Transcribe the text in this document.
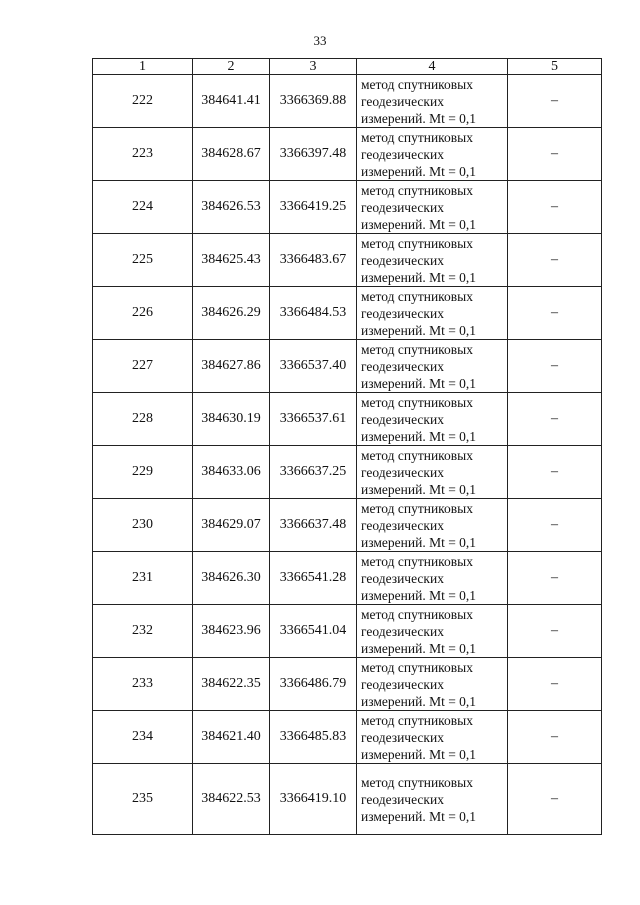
33
1	2	3	4	5
222	384641.41	3366369.88	метод спутниковых
геодезических
измерений. Mt = 0,1	–
223	384628.67	3366397.48	метод спутниковых
геодезических
измерений. Mt = 0,1	–
224	384626.53	3366419.25	метод спутниковых
геодезических
измерений. Mt = 0,1	–
225	384625.43	3366483.67	метод спутниковых
геодезических
измерений. Mt = 0,1	–
226	384626.29	3366484.53	метод спутниковых
геодезических
измерений. Mt = 0,1	–
227	384627.86	3366537.40	метод спутниковых
геодезических
измерений. Mt = 0,1	–
228	384630.19	3366537.61	метод спутниковых
геодезических
измерений. Mt = 0,1	–
229	384633.06	3366637.25	метод спутниковых
геодезических
измерений. Mt = 0,1	–
230	384629.07	3366637.48	метод спутниковых
геодезических
измерений. Mt = 0,1	–
231	384626.30	3366541.28	метод спутниковых
геодезических
измерений. Mt = 0,1	–
232	384623.96	3366541.04	метод спутниковых
геодезических
измерений. Mt = 0,1	–
233	384622.35	3366486.79	метод спутниковых
геодезических
измерений. Mt = 0,1	–
234	384621.40	3366485.83	метод спутниковых
геодезических
измерений. Mt = 0,1	–
235	384622.53	3366419.10	метод спутниковых
геодезических
измерений. Mt = 0,1	–
